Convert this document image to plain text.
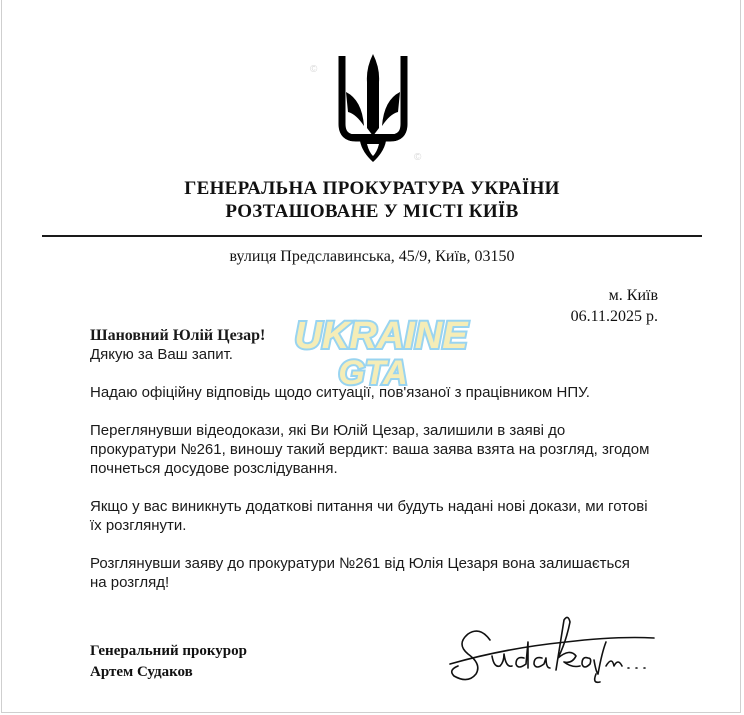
©
©
ГЕНЕРАЛЬНА ПРОКУРАТУРА УКРАЇНИ
РОЗТАШОВАНЕ У МІСТІ КИЇВ
вулиця Предславинська, 45/9, Київ, 03150
м. Київ
06.11.2025 р.

Шановний Юлій Цезар!

Дякую за Ваш запит.

Надаю офіційну відповідь щодо ситуації, пов'язаної з працівником НПУ.

Переглянувши відеодокази, які Ви Юлій Цезар, залишили в заяві до прокуратури №261, виношу такий вердикт: ваша заява взята на розгляд, згодом почнеться досудове розслідування.

Якщо у вас виникнуть додаткові питання чи будуть надані нові докази, ми готові їх розглянути.

Розглянувши заяву до прокуратури №261 від Юлія Цезаря вона залишається на розгляд!

UKRAINE
GTA
Генеральний прокурор
Артем Судаков
